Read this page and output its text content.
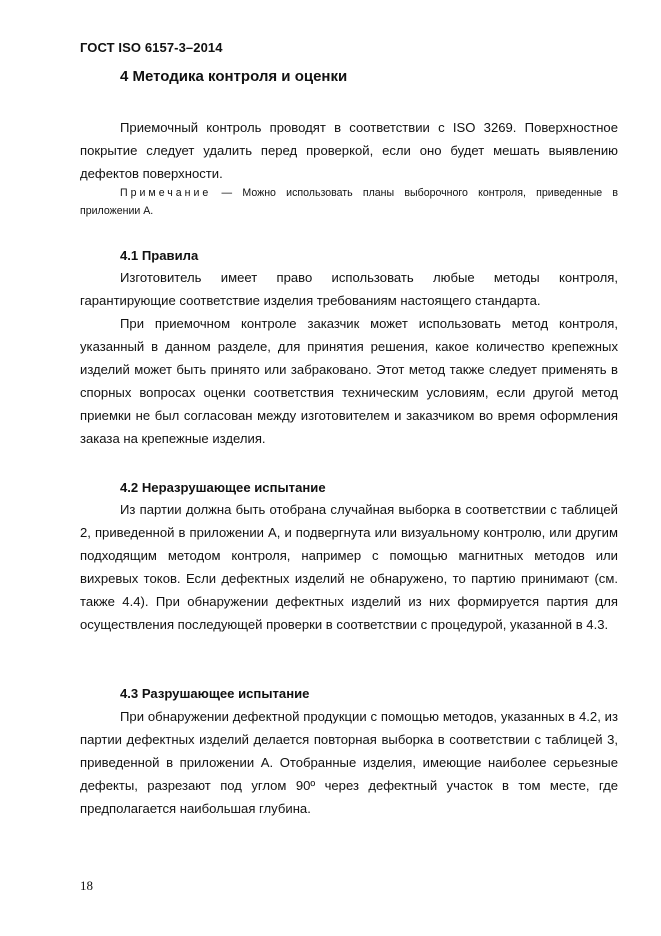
ГОСТ ISO 6157-3–2014
4 Методика контроля и оценки

Приемочный контроль проводят в соответствии с ISO 3269. Поверхностное покрытие следует удалить перед проверкой, если оно будет мешать выявлению дефектов поверхности.

Примечание — Можно использовать планы выборочного контроля, приведенные в приложении А.

4.1 Правила

Изготовитель имеет право использовать любые методы контроля, гарантирующие соответствие изделия требованиям настоящего стандарта.

При приемочном контроле заказчик может использовать метод контроля, указанный в данном разделе, для принятия решения, какое количество крепежных изделий может быть принято или забраковано. Этот метод также следует применять в спорных вопросах оценки соответствия техническим условиям, если другой метод приемки не был согласован между изготовителем и заказчиком во время оформления заказа на крепежные изделия.

4.2 Неразрушающее испытание

Из партии должна быть отобрана случайная выборка в соответствии с таблицей 2, приведенной в приложении А, и подвергнута или визуальному контролю, или другим подходящим методом контроля, например с помощью магнитных методов или вихревых токов. Если дефектных изделий не обнаружено, то партию принимают (см. также 4.4). При обнаружении дефектных изделий из них формируется партия для осуществления последующей проверки в соответствии с процедурой, указанной в 4.3.

4.3 Разрушающее испытание

При обнаружении дефектной продукции с помощью методов, указанных в 4.2, из партии дефектных изделий делается повторная выборка в соответствии с таблицей 3, приведенной в приложении А. Отобранные изделия, имеющие наиболее серьезные дефекты, разрезают под углом 90º через дефектный участок в том месте, где предполагается наибольшая глубина.

18
